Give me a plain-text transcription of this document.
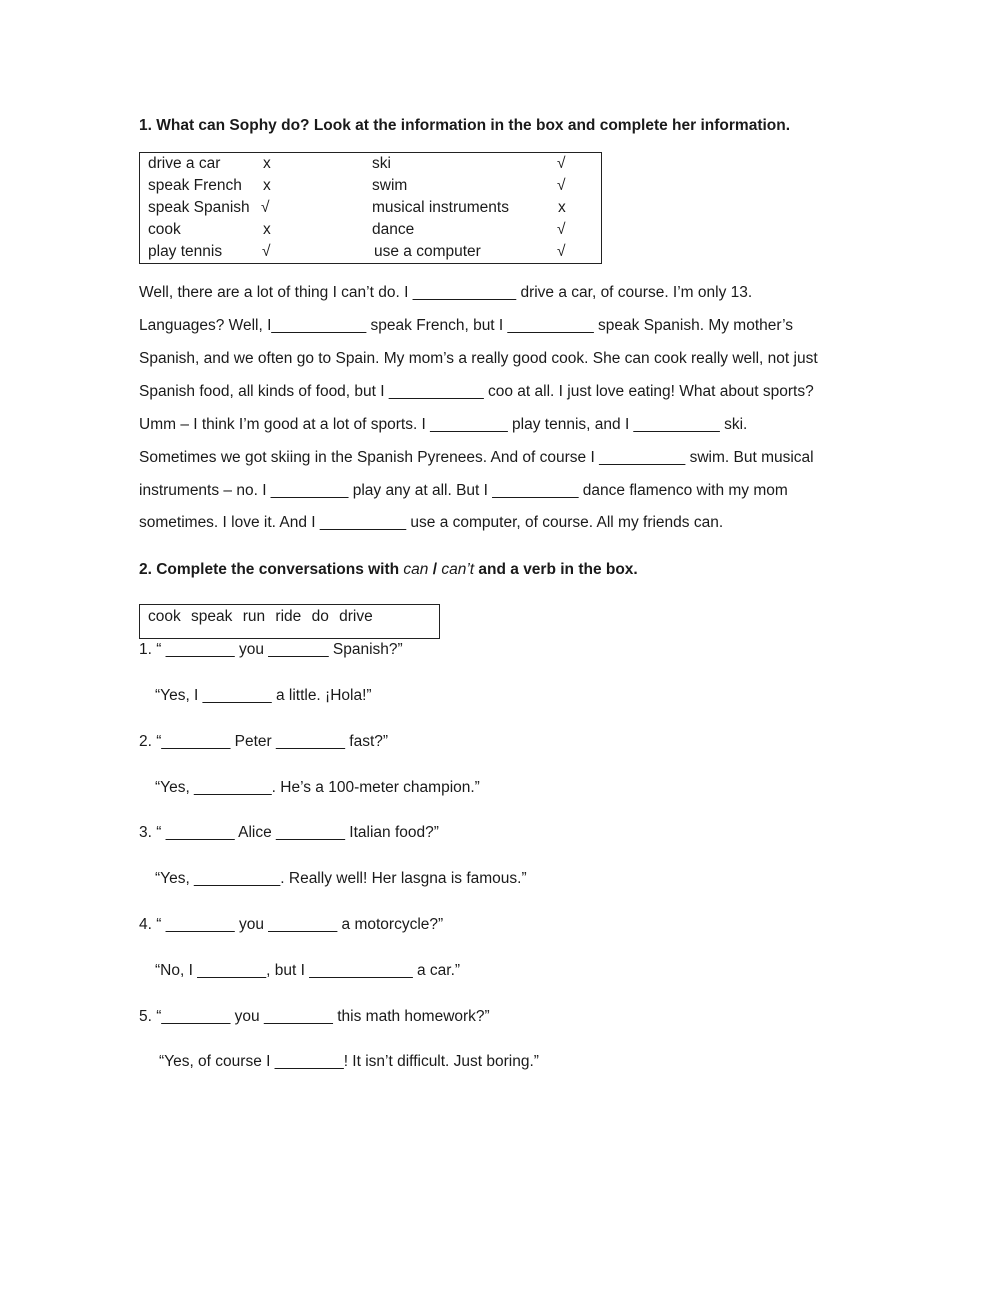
1. What can Sophy do? Look at the information in the box and complete her information.
drive a car	x	ski	√
speak French x	swim	√
speak Spanish √	musical instruments	x
cook	x	dance	√
play tennis	√	use a computer	√
Well, there are a lot of thing I can’t do. I ____________ drive a car, of course. I’m only 13.
Languages? Well, I___________ speak French, but I __________ speak Spanish. My mother’s
Spanish, and we often go to Spain. My mom’s a really good cook. She can cook really well, not just
Spanish food, all kinds of food, but I ___________ coo at all. I just love eating! What about sports?
Umm – I think I’m good at a lot of sports. I _________ play tennis, and I __________ ski.
Sometimes we got skiing in the Spanish Pyrenees. And of course I __________ swim. But musical
instruments – no. I _________ play any at all. But I __________ dance flamenco with my mom
sometimes. I love it. And I __________ use a computer, of course. All my friends can.
2. Complete the conversations with can / can’t and a verb in the box.
cook speak run ride do drive
1. “ ________ you _______ Spanish?”
“Yes, I ________ a little. ¡Hola!”
2. “________ Peter ________ fast?”
“Yes, _________. He’s a 100-meter champion.”
3. “ ________ Alice ________ Italian food?”
“Yes, __________. Really well! Her lasgna is famous.”
4. “ ________ you ________ a motorcycle?”
“No, I ________, but I ____________ a car.”
5. “________ you ________ this math homework?”
“Yes, of course I ________! It isn’t difficult. Just boring.”
